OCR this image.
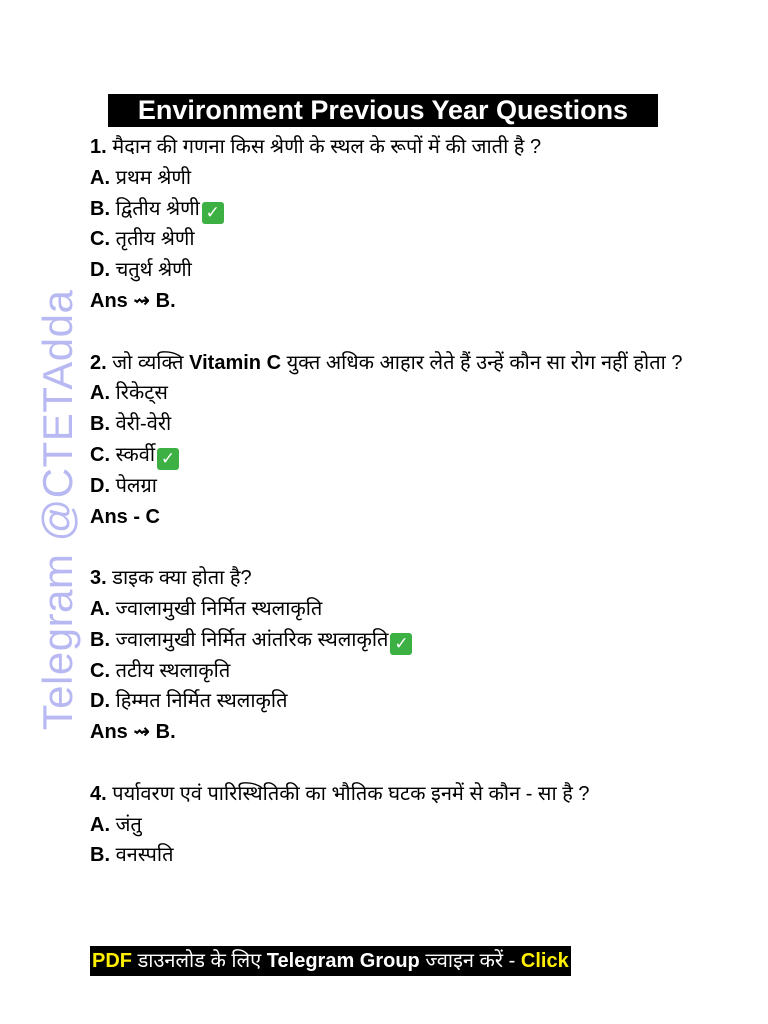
Telegram @CTETAdda
Environment Previous Year Questions
1. मैदान की गणना किस श्रेणी के स्थल के रूपों में की जाती है ?
A. प्रथम श्रेणी
B. द्वितीय श्रेणी ✓
C. तृतीय श्रेणी
D. चतुर्थ श्रेणी
Ans ⇝ B.
2. जो व्यक्ति Vitamin C युक्त अधिक आहार लेते हैं उन्हें कौन सा रोग नहीं होता ?
A. रिकेट्स
B. वेरी-वेरी
C. स्कर्वी ✓
D. पेलग्रा
Ans - C
3. डाइक क्या होता है?
A. ज्वालामुखी निर्मित स्थलाकृति
B. ज्वालामुखी निर्मित आंतरिक स्थलाकृति ✓
C. तटीय स्थलाकृति
D. हिम्मत निर्मित स्थलाकृति
Ans ⇝ B.
4. पर्यावरण एवं पारिस्थितिकी का भौतिक घटक इनमें से कौन - सा है ?
A. जंतु
B. वनस्पति
PDF डाउनलोड के लिए Telegram Group ज्वाइन करें - Click
